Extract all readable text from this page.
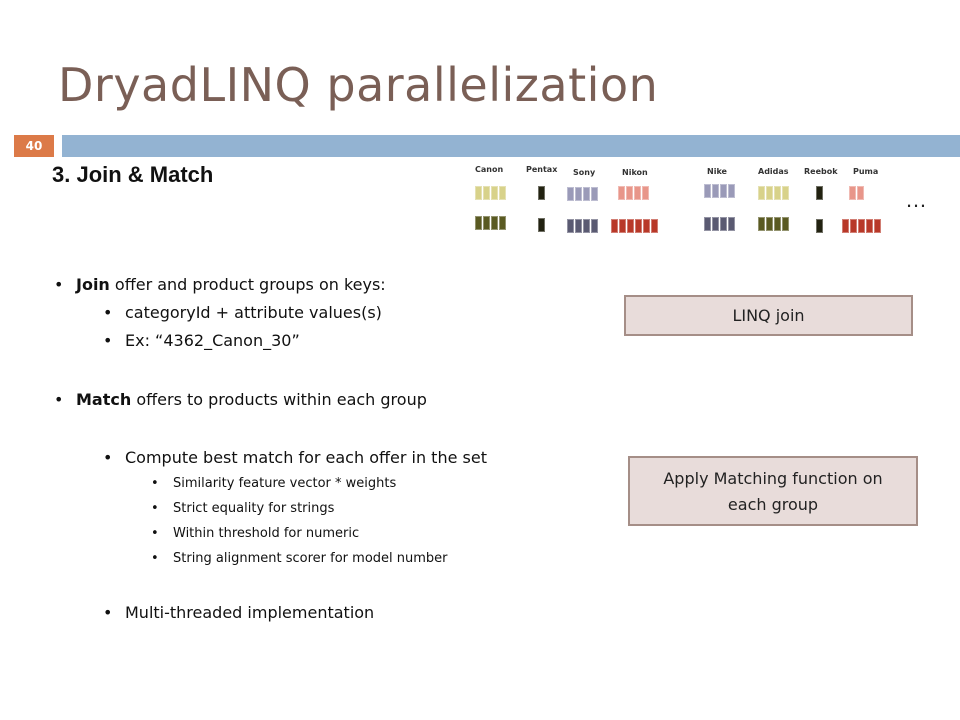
DryadLINQ parallelization
40
3. Join & Match	Canon	Pentax Sony	Nikon	Nike	Adidas Reebok Puma
…
• Join offer and product groups on keys:
• categoryId + attribute values(s)
• Ex: “4362_Canon_30”
• Match offers to products within each group
• Compute best match for each offer in the set
• Similarity feature vector * weights
• Strict equality for strings
• Within threshold for numeric
• String alignment scorer for model number
• Multi-threaded implementation
LINQ join
Apply Matching function on
each group
